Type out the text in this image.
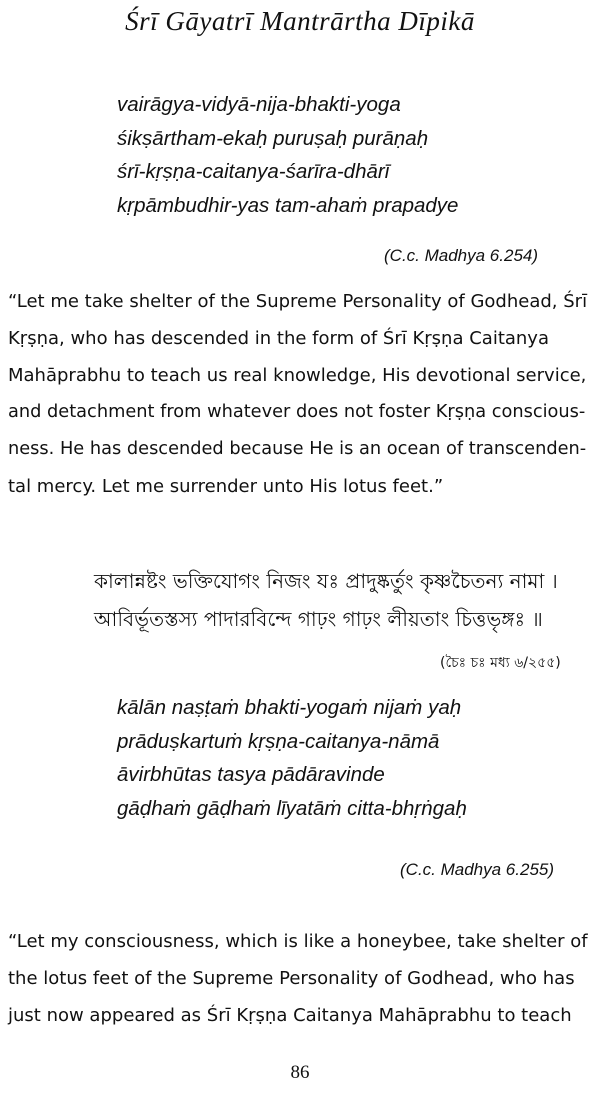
Śrī Gāyatrī Mantrārtha Dīpikā
vairāgya-vidyā-nija-bhakti-yoga
śikṣārtham-ekaḥ puruṣaḥ purāṇaḥ
śrī-kṛṣṇa-caitanya-śarīra-dhārī
kṛpāmbudhir-yas tam-ahaṁ prapadye
(C.c. Madhya 6.254)
“Let me take shelter of the Supreme Personality of Godhead, Śrī
Kṛṣṇa, who has descended in the form of Śrī Kṛṣṇa Caitanya
Mahāprabhu to teach us real knowledge, His devotional service,
and detachment from whatever does not foster Kṛṣṇa conscious-
ness. He has descended because He is an ocean of transcenden-
tal mercy. Let me surrender unto His lotus feet.”
কালান্নষ্টং ভক্তিযোগং নিজং যঃ প্রাদুষ্কর্তুং কৃষ্ণচৈতন্য নামা ।
আবির্ভূতস্তস্য পাদারবিন্দে গাঢ়ং গাঢ়ং লীয়তাং চিত্তভৃঙ্গঃ ॥
(চৈঃ চঃ মধ্য ৬/২৫৫)
kālān naṣṭaṁ bhakti-yogaṁ nijaṁ yaḥ
prāduṣkartuṁ kṛṣṇa-caitanya-nāmā
āvirbhūtas tasya pādāravinde
gāḍhaṁ gāḍhaṁ līyatāṁ citta-bhṛṅgaḥ
(C.c. Madhya 6.255)
“Let my consciousness, which is like a honeybee, take shelter of
the lotus feet of the Supreme Personality of Godhead, who has
just now appeared as Śrī Kṛṣṇa Caitanya Mahāprabhu to teach
86
